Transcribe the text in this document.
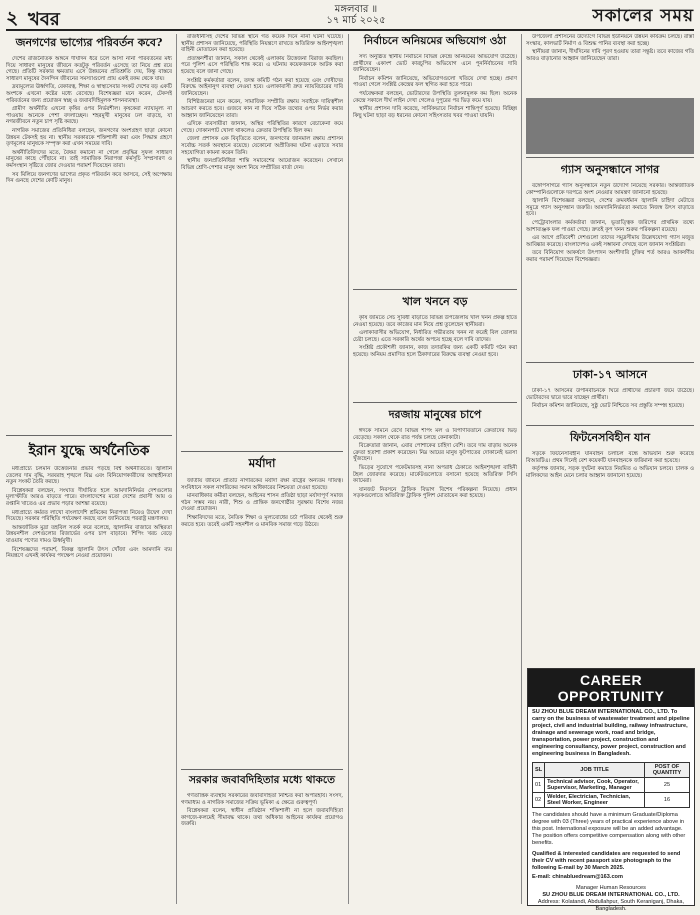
২ খবর	মঙ্গলবার ॥
১৭ মার্চ ২০২৫	সকালের সময়
জনগণের ভাগ্যের পরিবর্তন কবে?

দেশের রাজনৈতিক অঙ্গনে দীর্ঘদিন ধরে চলে আসা নানা পরিবর্তনের মধ্য দিয়ে সাধারণ মানুষের জীবনে কতটুকু পরিবর্তন এসেছে তা নিয়ে প্রশ্ন রয়ে গেছে। প্রতিটি সরকার ক্ষমতায় এসে উন্নয়নের প্রতিশ্রুতি দেয়, কিন্তু বাস্তবে সাধারণ মানুষের দৈনন্দিন জীবনের সমস্যাগুলো প্রায় একই রকম থেকে যায়।

দ্রব্যমূল্যের ঊর্ধ্বগতি, বেকারত্ব, শিক্ষা ও স্বাস্থ্যসেবার সংকট দেশের বড় একটি অংশকে এখনো কষ্টের মধ্যে রেখেছে। বিশেষজ্ঞরা মনে করেন, টেকসই পরিবর্তনের জন্য প্রয়োজন স্বচ্ছ ও জবাবদিহিমূলক শাসনব্যবস্থা।

গ্রামীণ অর্থনীতি এখনো কৃষির ওপর নির্ভরশীল। কৃষকেরা ন্যায্যমূল্য না পাওয়ায় অনেকে পেশা বদলাচ্ছেন। শহরমুখী মানুষের ঢল বাড়ছে, যা নগরজীবনে নতুন চাপ সৃষ্টি করছে।

নাগরিক সমাজের প্রতিনিধিরা বলছেন, জনগণের অংশগ্রহণ ছাড়া কোনো উন্নয়ন টেকসই হয় না। স্থানীয় সরকারকে শক্তিশালী করা এবং সিদ্ধান্ত গ্রহণে তৃণমূলের মানুষকে সম্পৃক্ত করা এখন সময়ের দাবি।

অর্থনীতিবিদদের মতে, বৈষম্য কমানো না গেলে প্রবৃদ্ধির সুফল সাধারণ মানুষের কাছে পৌঁছাবে না। তাই সামাজিক নিরাপত্তা কর্মসূচি সম্প্রসারণ ও কর্মসংস্থান সৃষ্টিতে জোর দেওয়ার পরামর্শ দিয়েছেন তারা।

সব মিলিয়ে জনগণের ভাগ্যের প্রকৃত পরিবর্তন কবে আসবে, সেই অপেক্ষায় দিন গুনছে দেশের কোটি মানুষ।

ইরান যুদ্ধে অর্থনৈতিক

মধ্যপ্রাচ্যে চলমান উত্তেজনার প্রভাব পড়ছে বিশ্ব অর্থনীতিতে। জ্বালানি তেলের দাম বৃদ্ধি, সরবরাহ শৃঙ্খলে বিঘ্ন এবং বিনিয়োগকারীদের আস্থাহীনতা নতুন সংকট তৈরি করছে।

বিশ্লেষকরা বলছেন, সংঘাত দীর্ঘায়িত হলে আমদানিনির্ভর দেশগুলোর মূল্যস্ফীতি আরও বাড়তে পারে। বাংলাদেশের মতো দেশের প্রবাসী আয় ও রপ্তানি খাতেও এর প্রভাব পড়ার আশঙ্কা রয়েছে।

মধ্যপ্রাচ্যে কর্মরত লাখো বাংলাদেশি শ্রমিকের নিরাপত্তা নিয়েও উদ্বেগ দেখা দিয়েছে। সরকার পরিস্থিতি পর্যবেক্ষণ করছে বলে জানিয়েছে পররাষ্ট্র মন্ত্রণালয়।

আন্তর্জাতিক মুদ্রা তহবিল সতর্ক করে বলেছে, জ্বালানির বাজারে অস্থিরতা উন্নয়নশীল দেশগুলোর রিজার্ভের ওপর চাপ বাড়াবে। শিপিং খরচ বেড়ে যাওয়ায় পণ্যের দামও ঊর্ধ্বমুখী।

বিশেষজ্ঞদের পরামর্শ, বিকল্প জ্বালানি উৎস খোঁজা এবং আমদানি ব্যয় নিয়ন্ত্রণে এখনই কার্যকর পদক্ষেপ নেওয়া প্রয়োজন।

রাজধানীসহ দেশের বিভিন্ন স্থানে গত কয়েক দিনে নানা ঘটনা ঘটেছে। স্থানীয় প্রশাসন জানিয়েছে, পরিস্থিতি নিয়ন্ত্রণে রাখতে অতিরিক্ত আইনশৃঙ্খলা বাহিনী মোতায়েন করা হয়েছে।

প্রত্যক্ষদর্শীরা জানান, সকাল থেকেই এলাকায় উত্তেজনা বিরাজ করছিল। পরে পুলিশ এসে পরিস্থিতি শান্ত করে। এ ঘটনায় কয়েকজনকে আটক করা হয়েছে বলে জানা গেছে।

সংশ্লিষ্ট কর্মকর্তারা বলেন, তদন্ত কমিটি গঠন করা হয়েছে এবং দোষীদের বিরুদ্ধে আইনানুগ ব্যবস্থা নেওয়া হবে। এলাকাবাসী দ্রুত ন্যায়বিচারের দাবি জানিয়েছেন।

বিশিষ্টজনেরা মনে করেন, সামাজিক সম্প্রীতি রক্ষায় সবাইকে দায়িত্বশীল আচরণ করতে হবে। গুজবে কান না দিয়ে সঠিক তথ্যের ওপর নির্ভর করার আহ্বান জানিয়েছেন তারা।

এদিকে ব্যবসায়ীরা জানান, অস্থির পরিস্থিতির কারণে বেচাকেনা কমে গেছে। দোকানপাট খোলা থাকলেও ক্রেতার উপস্থিতি ছিল কম।

জেলা প্রশাসক এক বিবৃতিতে বলেন, জনগণের জানমাল রক্ষায় প্রশাসন সর্বোচ্চ সতর্ক অবস্থানে রয়েছে। যেকোনো অপ্রীতিকর ঘটনা এড়াতে সবার সহযোগিতা কামনা করেন তিনি।

স্থানীয় জনপ্রতিনিধিরা শান্তি সমাবেশের আয়োজন করেছেন। সেখানে বিভিন্ন শ্রেণি-পেশার মানুষ অংশ নিয়ে সম্প্রীতির বার্তা দেন।

মর্যাদা

জাতীয় জীবনে প্রতিটি নাগরিকের মর্যাদা রক্ষা রাষ্ট্রের অন্যতম দায়িত্ব। সংবিধানে সকল নাগরিকের সমান অধিকারের নিশ্চয়তা দেওয়া হয়েছে।

মানবাধিকার কর্মীরা বলছেন, আইনের শাসন প্রতিষ্ঠা ছাড়া মর্যাদাপূর্ণ সমাজ গঠন সম্ভব নয়। নারী, শিশু ও প্রান্তিক জনগোষ্ঠীর সুরক্ষায় বিশেষ নজর দেওয়া প্রয়োজন।

শিক্ষাবিদদের মতে, নৈতিক শিক্ষা ও মূল্যবোধের চর্চা পরিবার থেকেই শুরু করতে হবে। তবেই একটি সহনশীল ও মানবিক সমাজ গড়ে উঠবে।

সরকার জবাবদিহিতার মধ্যে থাকতে

গণতান্ত্রিক ব্যবস্থায় সরকারের জবাবদিহিতা নিশ্চিত করা অপরিহার্য। সংসদ, গণমাধ্যম ও নাগরিক সমাজের সক্রিয় ভূমিকা এ ক্ষেত্রে গুরুত্বপূর্ণ।

বিশ্লেষকরা বলেন, স্বাধীন প্রতিষ্ঠান শক্তিশালী না হলে জবাবদিহিতা কাগজে-কলমেই সীমাবদ্ধ থাকে। তথ্য অধিকার আইনের কার্যকর প্রয়োগও জরুরি।

নির্বাচনে অনিয়মের অভিযোগ ওঠা

সদ্য অনুষ্ঠিত স্থানীয় নির্বাচনে বিভিন্ন কেন্দ্রে অনিয়মের অভিযোগ উঠেছে। প্রার্থীদের একাংশ ভোট কারচুপির অভিযোগ এনে পুনর্নির্বাচনের দাবি জানিয়েছেন।

নির্বাচন কমিশন জানিয়েছে, অভিযোগগুলো খতিয়ে দেখা হচ্ছে। প্রমাণ পাওয়া গেলে সংশ্লিষ্ট কেন্দ্রের ফল স্থগিত করা হতে পারে।

পর্যবেক্ষকরা বলছেন, ভোটারদের উপস্থিতি তুলনামূলক কম ছিল। অনেক কেন্দ্রে সকালে দীর্ঘ লাইন দেখা গেলেও দুপুরের পর ভিড় কমে যায়।

স্থানীয় প্রশাসন দাবি করেছে, সার্বিকভাবে নির্বাচন শান্তিপূর্ণ হয়েছে। বিচ্ছিন্ন কিছু ঘটনা ছাড়া বড় ধরনের কোনো সহিংসতার খবর পাওয়া যায়নি।

খাল খননে বড়

কৃষি জমিতে সেচ সুবিধা বাড়াতে বিভিন্ন উপজেলায় খাল খনন প্রকল্প হাতে নেওয়া হয়েছে। তবে কাজের মান নিয়ে প্রশ্ন তুলেছেন স্থানীয়রা।

এলাকাবাসীর অভিযোগ, নির্ধারিত গভীরতায় খনন না করেই বিল তোলার চেষ্টা চলছে। এতে সরকারি অর্থের অপচয় হচ্ছে বলে দাবি তাদের।

সংশ্লিষ্ট প্রকৌশলী জানান, কাজ তদারকির জন্য একটি কমিটি গঠন করা হয়েছে। অনিয়ম প্রমাণিত হলে ঠিকাদারের বিরুদ্ধে ব্যবস্থা নেওয়া হবে।

দরজায় মানুষের চাপে

ঈদকে সামনে রেখে বিভিন্ন শপিং মল ও বিপণিবিতানে ক্রেতাদের ভিড় বেড়েছে। সকাল থেকে রাত পর্যন্ত চলছে কেনাকাটা।

বিক্রেতারা জানান, এবার পোশাকের চাহিদা বেশি। তবে দাম বাড়ায় অনেক ক্রেতা হতাশা প্রকাশ করেছেন। নিম্ন আয়ের মানুষ ফুটপাতের দোকানেই ভরসা খুঁজছেন।

ভিড়ের সুযোগে পকেটমারসহ নানা অপরাধ ঠেকাতে আইনশৃঙ্খলা বাহিনী টহল জোরদার করেছে। মার্কেটগুলোতে বসানো হয়েছে অতিরিক্ত সিসি ক্যামেরা।

যানজট নিরসনে ট্রাফিক বিভাগ বিশেষ পরিকল্পনা নিয়েছে। প্রধান সড়কগুলোতে অতিরিক্ত ট্রাফিক পুলিশ মোতায়েন করা হয়েছে।

উপজেলা প্রশাসনের উদ্যোগে বিভিন্ন ইউনিয়নে উন্নয়ন কার্যক্রম চলছে। রাস্তা সংস্কার, কালভার্ট নির্মাণ ও বিশুদ্ধ পানির ব্যবস্থা করা হচ্ছে।

স্থানীয়রা জানান, দীর্ঘদিনের দাবি পূরণ হওয়ায় তারা সন্তুষ্ট। তবে কাজের গতি আরও বাড়ানোর আহ্বান জানিয়েছেন তারা।

গ্যাস অনুসন্ধানে সাগর

বঙ্গোপসাগরে গ্যাস অনুসন্ধানে নতুন উদ্যোগ নিয়েছে সরকার। আন্তর্জাতিক কোম্পানিগুলোকে দরপত্রে অংশ নেওয়ার আমন্ত্রণ জানানো হয়েছে।

জ্বালানি বিশেষজ্ঞরা বলছেন, দেশের ক্রমবর্ধমান জ্বালানি চাহিদা মেটাতে সমুদ্রে গ্যাস অনুসন্ধান জরুরি। আমদানিনির্ভরতা কমাতে নিজস্ব উৎস বাড়াতে হবে।

পেট্রোবাংলার কর্মকর্তারা জানান, ভূতাত্ত্বিক জরিপের প্রাথমিক তথ্যে আশাব্যঞ্জক ফল পাওয়া গেছে। দ্রুতই কূপ খনন শুরুর পরিকল্পনা রয়েছে।

এর আগে প্রতিবেশী দেশগুলো তাদের সমুদ্রসীমায় উল্লেখযোগ্য গ্যাস মজুত আবিষ্কার করেছে। বাংলাদেশও একই সম্ভাবনা দেখছে বলে জানান সংশ্লিষ্টরা।

তবে বিনিয়োগ আকর্ষণে উৎপাদন অংশীদারি চুক্তির শর্ত আরও আকর্ষণীয় করার পরামর্শ দিয়েছেন বিশেষজ্ঞরা।

ঢাকা-১৭ আসনে

ঢাকা-১৭ আসনের উপনির্বাচনকে ঘিরে প্রার্থীদের প্রচারণা জমে উঠেছে। ভোটারদের দ্বারে দ্বারে যাচ্ছেন প্রার্থীরা।

নির্বাচন কমিশন জানিয়েছে, সুষ্ঠু ভোট নিশ্চিতে সব প্রস্তুতি সম্পন্ন হয়েছে।

ফিটনেসবিহীন যান

সড়কে ফিটনেসবিহীন যানবাহন চলাচল বন্ধে অভিযান শুরু করেছে বিআরটিএ। প্রথম দিনেই বেশ কয়েকটি যানবাহনকে জরিমানা করা হয়েছে।

কর্তৃপক্ষ জানায়, সড়ক দুর্ঘটনা কমাতে নিয়মিত এ অভিযান চলবে। চালক ও মালিকদের আইন মেনে চলার আহ্বান জানানো হয়েছে।

CAREER OPPORTUNITY
SU ZHOU BLUE DREAM INTERNATIONAL CO., LTD. To carry on the business of wastewater treatment and pipeline project, civil and industrial building, railway infrastructure, drainage and sewerage work, road and bridge, transportation, power project, construction and engineering consultancy, power project, construction and engineering business in Bangladesh.
SL	JOB TITLE	POST OF QUANTITY
01	Technical advisor, Cook, Operator, Supervisor, Marketing, Manager	25
02	Welder, Electrician, Technician, Steel Worker, Engineer	16
The candidates should have a minimum Graduate/Diploma degree with 03 (Three) years of practical experience above in this post. International exposure will be an added advantage. The position offers competitive compensation along with other benefits.
Qualified & interested candidates are requested to send their CV with recent passport size photograph to the following E-mail by 30 March 2025.
E-mail: chinabluedream@163.com
Manager Human Resources
SU ZHOU BLUE DREAM INTERNATIONAL CO., LTD.
Address: Kolatandi, Abdullahpur, South Keraniganj, Dhaka, Bangladesh.
